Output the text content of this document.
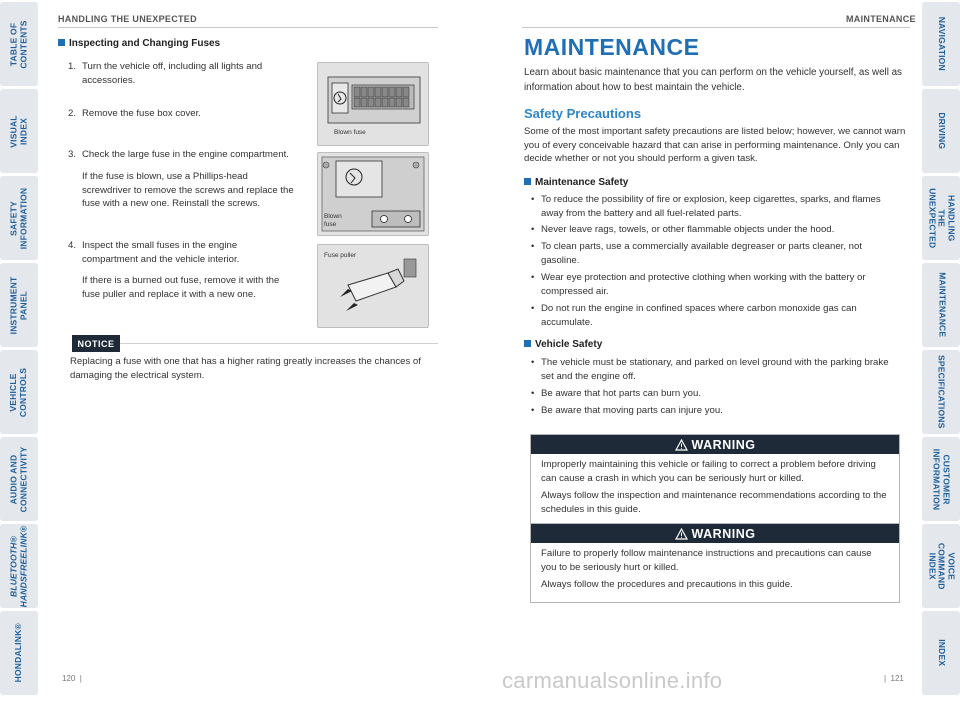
TABLE OF CONTENTS
VISUAL INDEX
SAFETY
INFORMATION
INSTRUMENT PANEL
VEHICLE
CONTROLS
AUDIO AND
CONNECTIVITY
BLUETOOTH®
HANDSFREELINK®
HONDALINK®
NAVIGATION
DRIVING
HANDLING THE
UNEXPECTED
MAINTENANCE
SPECIFICATIONS
CUSTOMER
INFORMATION
VOICE COMMAND
INDEX
INDEX
HANDLING THE UNEXPECTED
Inspecting and Changing Fuses
1. Turn the vehicle off, including all lights and accessories.
2. Remove the fuse box cover.
3. Check the large fuse in the engine compartment.
If the fuse is blown, use a Phillips-head screwdriver to remove the screws and replace the fuse with a new one. Reinstall the screws.
4. Inspect the small fuses in the engine compartment and the vehicle interior.
If there is a burned out fuse, remove it with the fuse puller and replace it with a new one.
Blown fuse
Blown
fuse
Fuse puller
NOTICE
Replacing a fuse with one that has a higher rating greatly increases the chances of damaging the electrical system.
120  |
MAINTENANCE
MAINTENANCE
Learn about basic maintenance that you can perform on the vehicle yourself, as well as information about how to best maintain the vehicle.
Safety Precautions
Some of the most important safety precautions are listed below; however, we cannot warn you of every conceivable hazard that can arise in performing maintenance. Only you can decide whether or not you should perform a given task.
Maintenance Safety
• To reduce the possibility of fire or explosion, keep cigarettes, sparks, and flames away from the battery and all fuel-related parts.
• Never leave rags, towels, or other flammable objects under the hood.
• To clean parts, use a commercially available degreaser or parts cleaner, not gasoline.
• Wear eye protection and protective clothing when working with the battery or compressed air.
• Do not run the engine in confined spaces where carbon monoxide gas can accumulate.
Vehicle Safety
• The vehicle must be stationary, and parked on level ground with the parking brake set and the engine off.
• Be aware that hot parts can burn you.
• Be aware that moving parts can injure you.
WARNING

Improperly maintaining this vehicle or failing to correct a problem before driving can cause a crash in which you can be seriously hurt or killed.

Always follow the inspection and maintenance recommendations according to the schedules in this guide.

WARNING

Failure to properly follow maintenance instructions and precautions can cause you to be seriously hurt or killed.

Always follow the procedures and precautions in this guide.

|  121
carmanualsonline.info
